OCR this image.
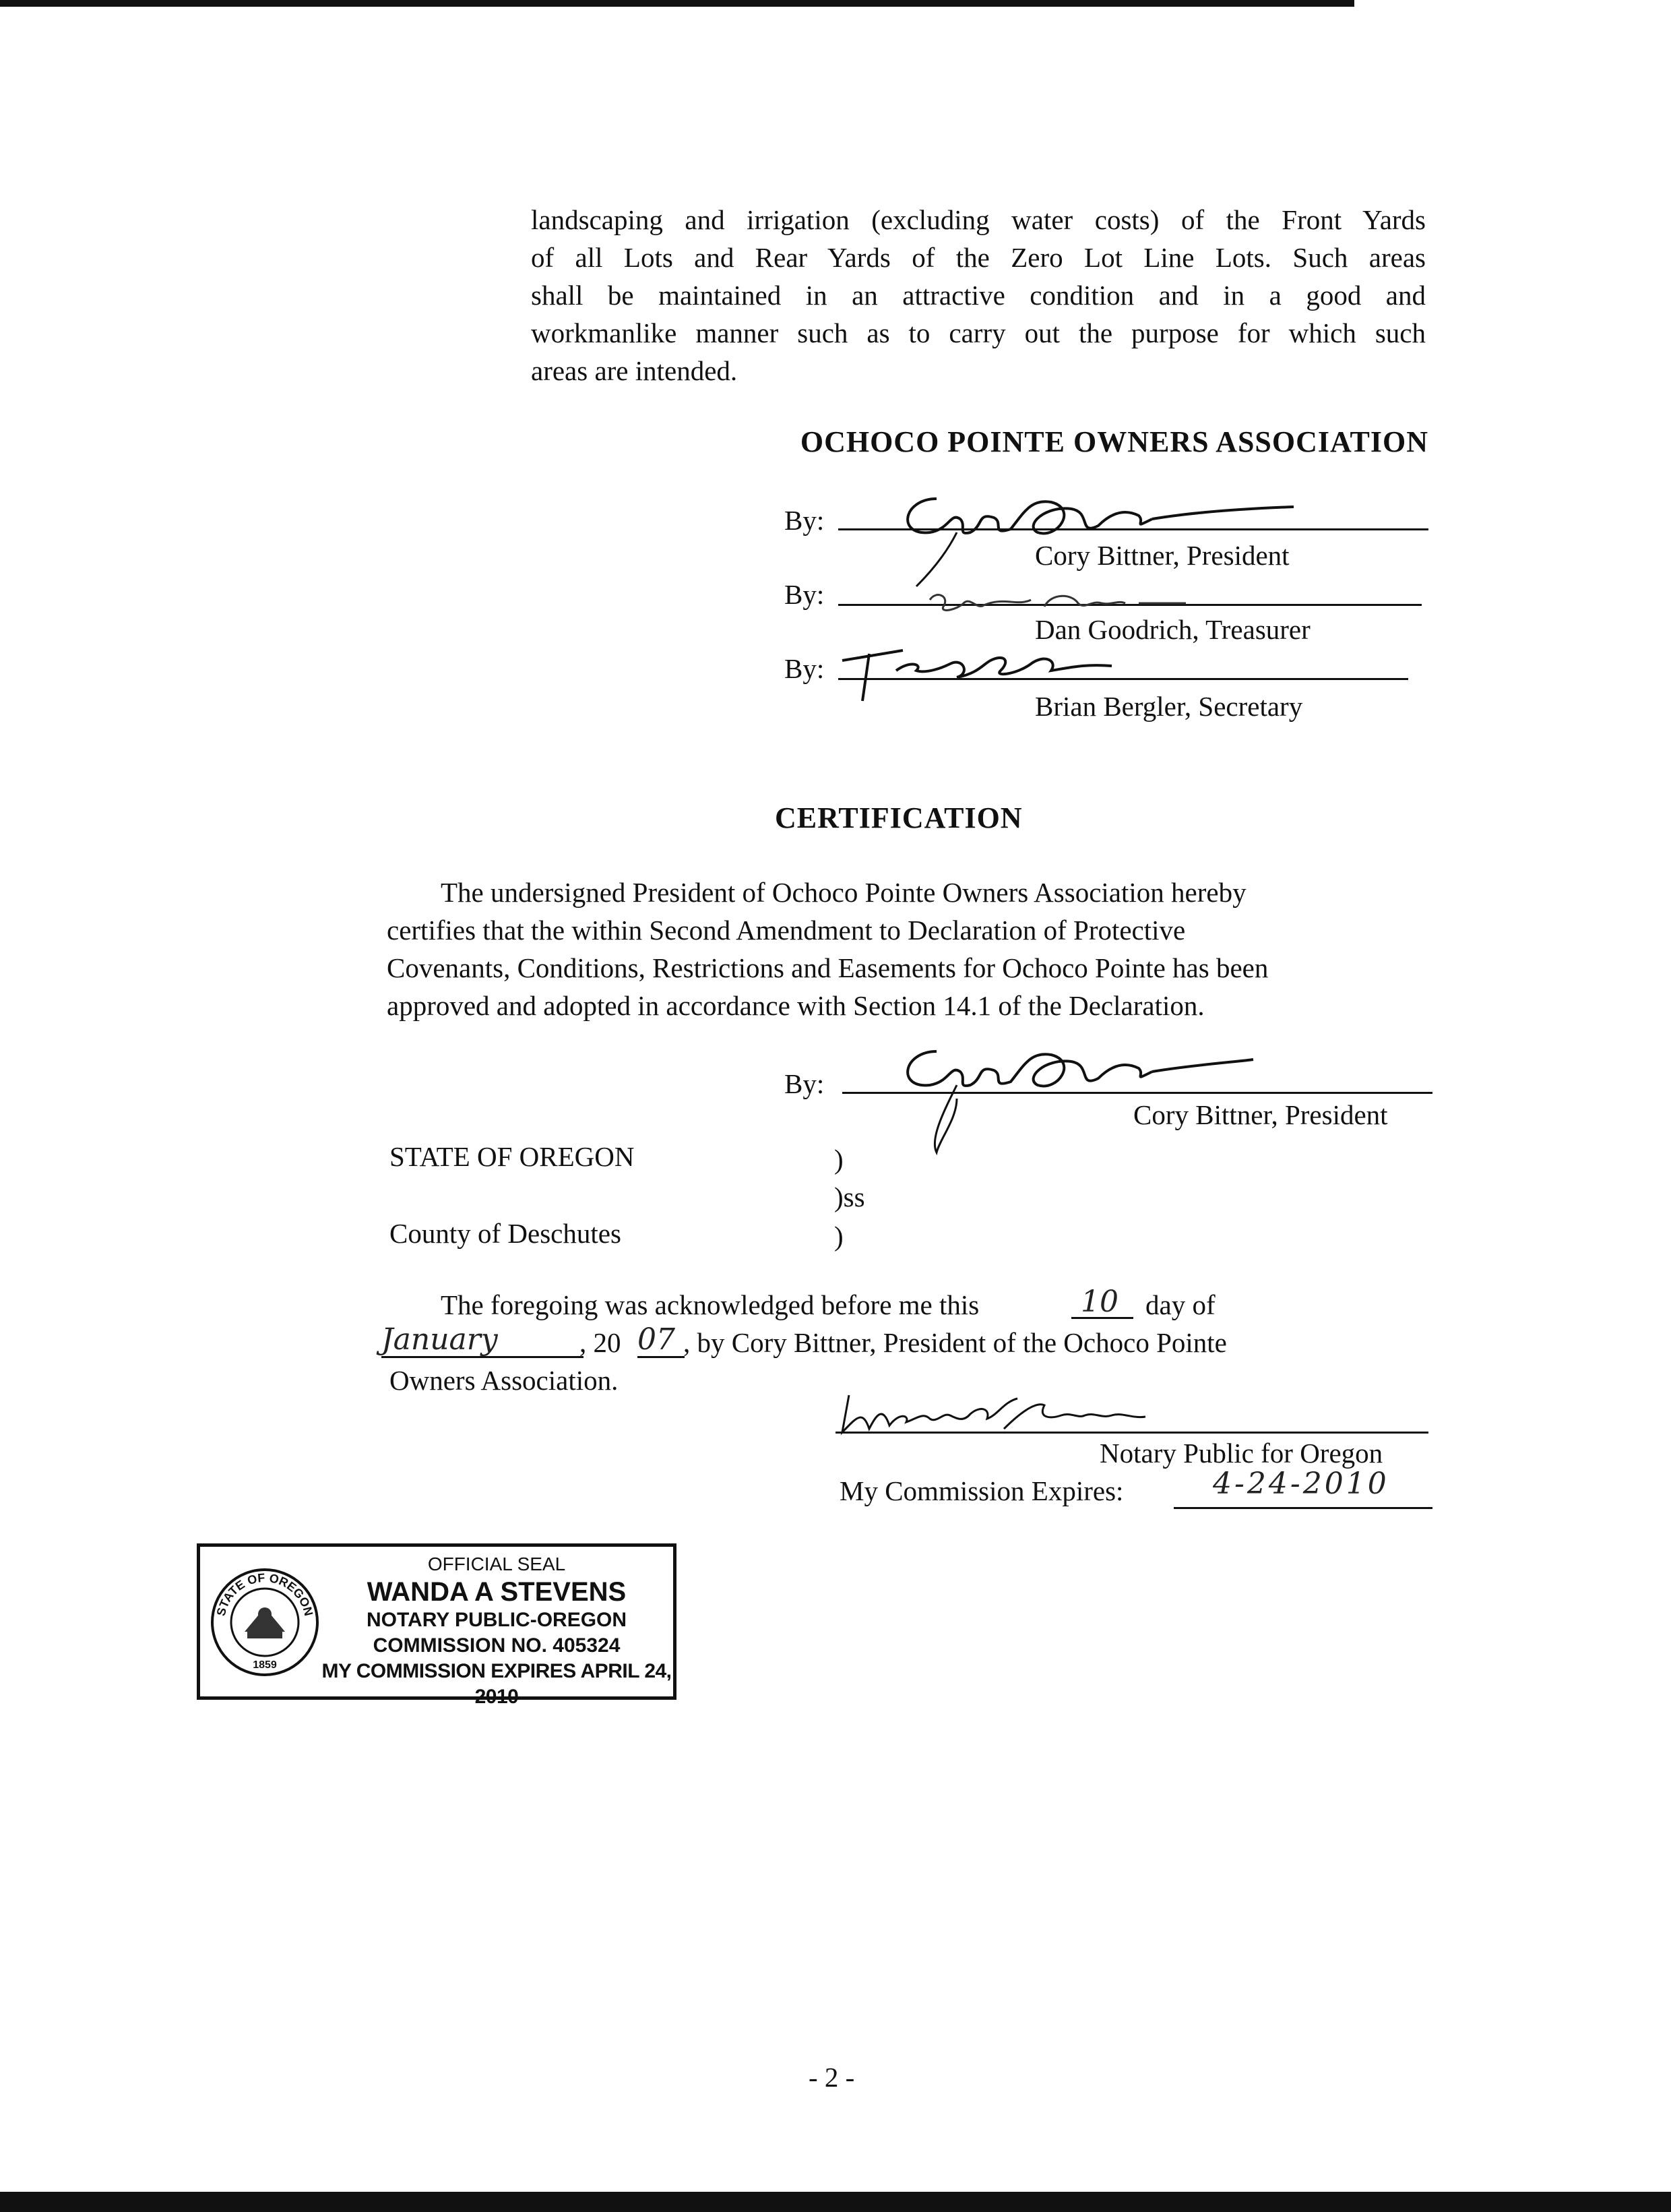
landscaping and irrigation (excluding water costs) of the Front Yards
of all Lots and Rear Yards of the Zero Lot Line Lots. Such areas
shall be maintained in an attractive condition and in a good and
workmanlike manner such as to carry out the purpose for which such
areas are intended.

OCHOCO POINTE OWNERS ASSOCIATION
By:
Cory Bittner, President
By:
Dan Goodrich, Treasurer
By:
Brian Bergler, Secretary
CERTIFICATION

The undersigned President of Ochoco Pointe Owners Association hereby
certifies that the within Second Amendment to Declaration of Protective
Covenants, Conditions, Restrictions and Easements for Ochoco Pointe has been
approved and adopted in accordance with Section 14.1 of the Declaration.

By:
Cory Bittner, President
STATE OF OREGON	)
)ss
County of Deschutes	)
The foregoing was acknowledged before me this	10 day of
January	, 20 07 , by Cory Bittner, President of the Ochoco Pointe
Owners Association.
Notary Public for Oregon
My Commission Expires:	4-24-2010
STATE OF OREGON
1859
OFFICIAL SEAL
WANDA A STEVENS
NOTARY PUBLIC-OREGON
COMMISSION NO. 405324
MY COMMISSION EXPIRES APRIL 24, 2010
- 2 -
